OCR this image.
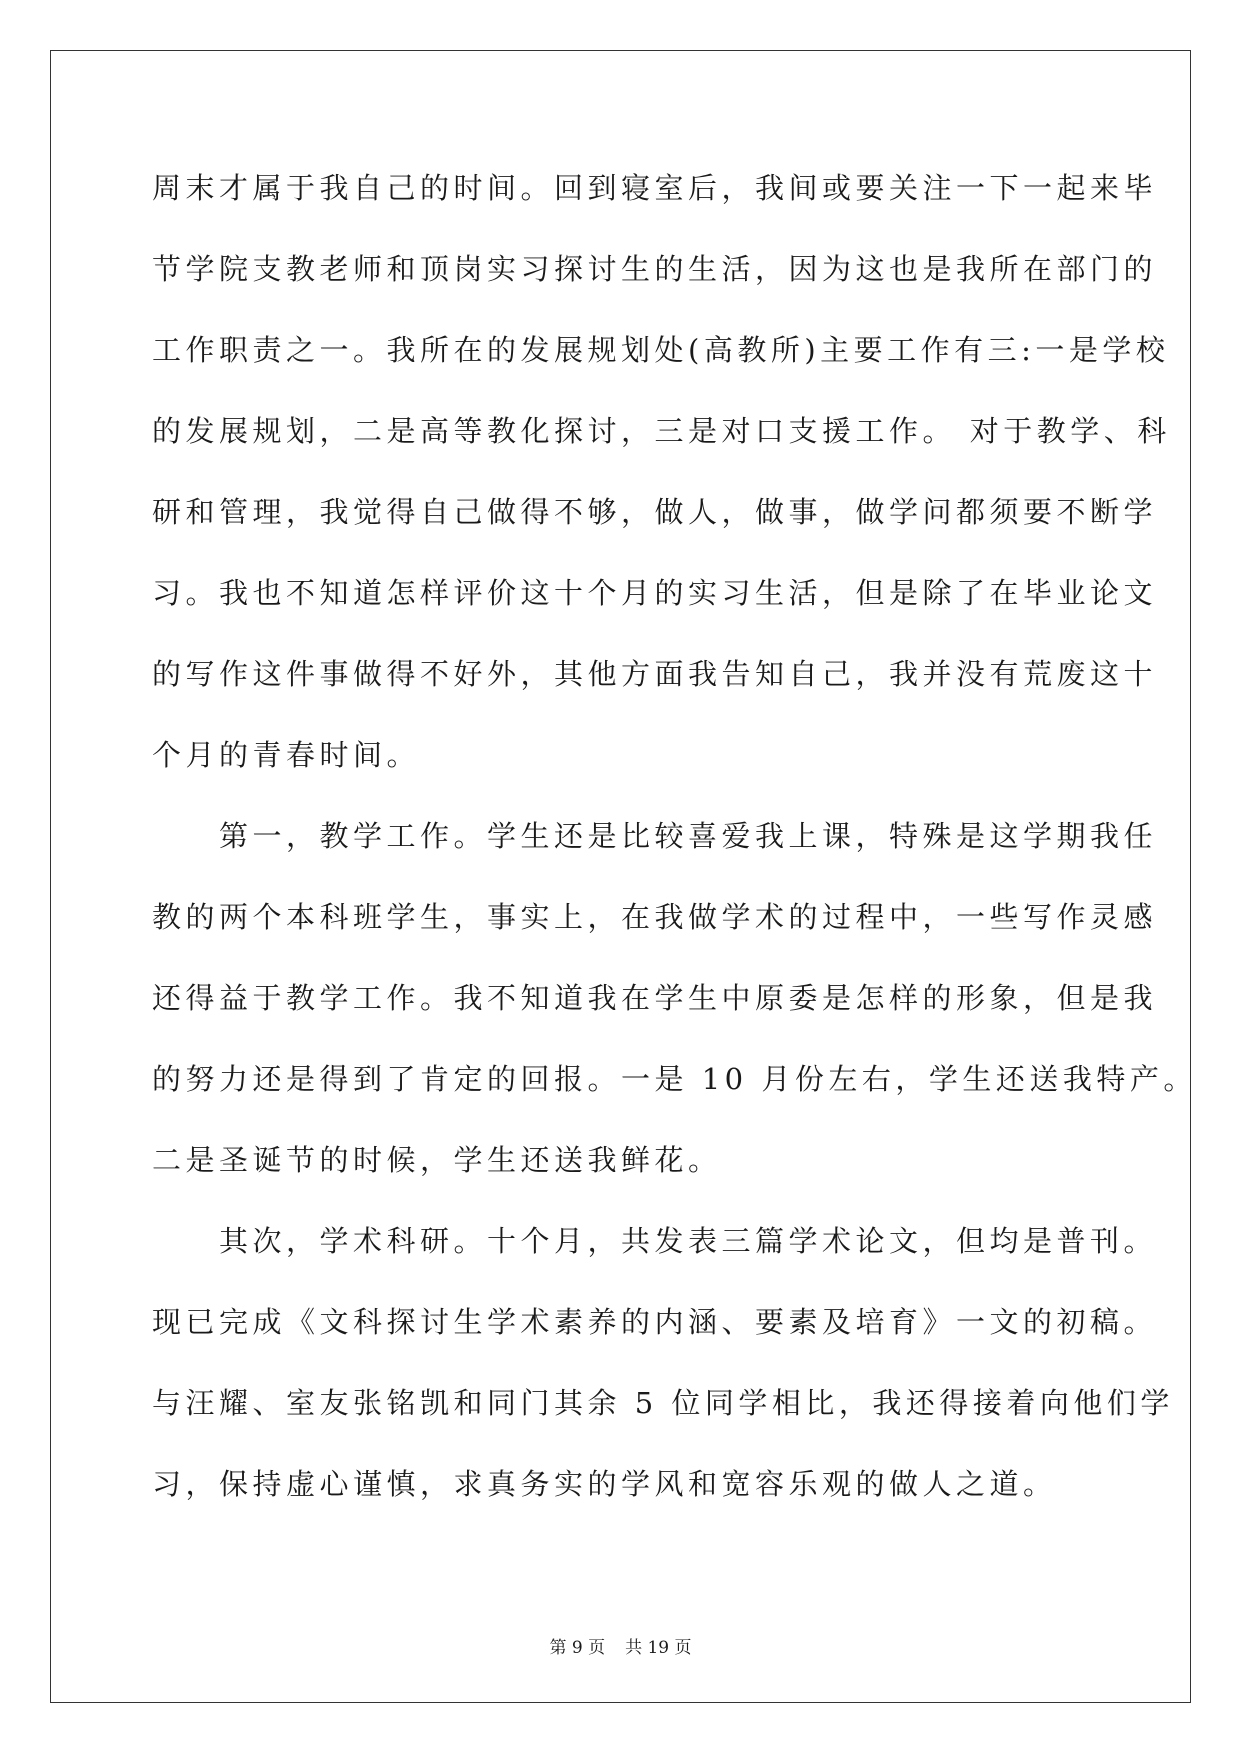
周末才属于我自己的时间。回到寝室后，我间或要关注一下一起来毕
节学院支教老师和顶岗实习探讨生的生活，因为这也是我所在部门的
工作职责之一。我所在的发展规划处(高教所)主要工作有三:一是学校
的发展规划，二是高等教化探讨，三是对口支援工作。 对于教学、科
研和管理，我觉得自己做得不够，做人，做事，做学问都须要不断学
习。我也不知道怎样评价这十个月的实习生活，但是除了在毕业论文
的写作这件事做得不好外，其他方面我告知自己，我并没有荒废这十
个月的青春时间。
　　第一，教学工作。学生还是比较喜爱我上课，特殊是这学期我任
教的两个本科班学生，事实上，在我做学术的过程中，一些写作灵感
还得益于教学工作。我不知道我在学生中原委是怎样的形象，但是我
的努力还是得到了肯定的回报。一是 10 月份左右，学生还送我特产。
二是圣诞节的时候，学生还送我鲜花。
　　其次，学术科研。十个月，共发表三篇学术论文，但均是普刊。
现已完成《文科探讨生学术素养的内涵、要素及培育》一文的初稿。
与汪耀、室友张铭凯和同门其余 5 位同学相比，我还得接着向他们学
习，保持虚心谨慎，求真务实的学风和宽容乐观的做人之道。
第 9 页 共 19 页
